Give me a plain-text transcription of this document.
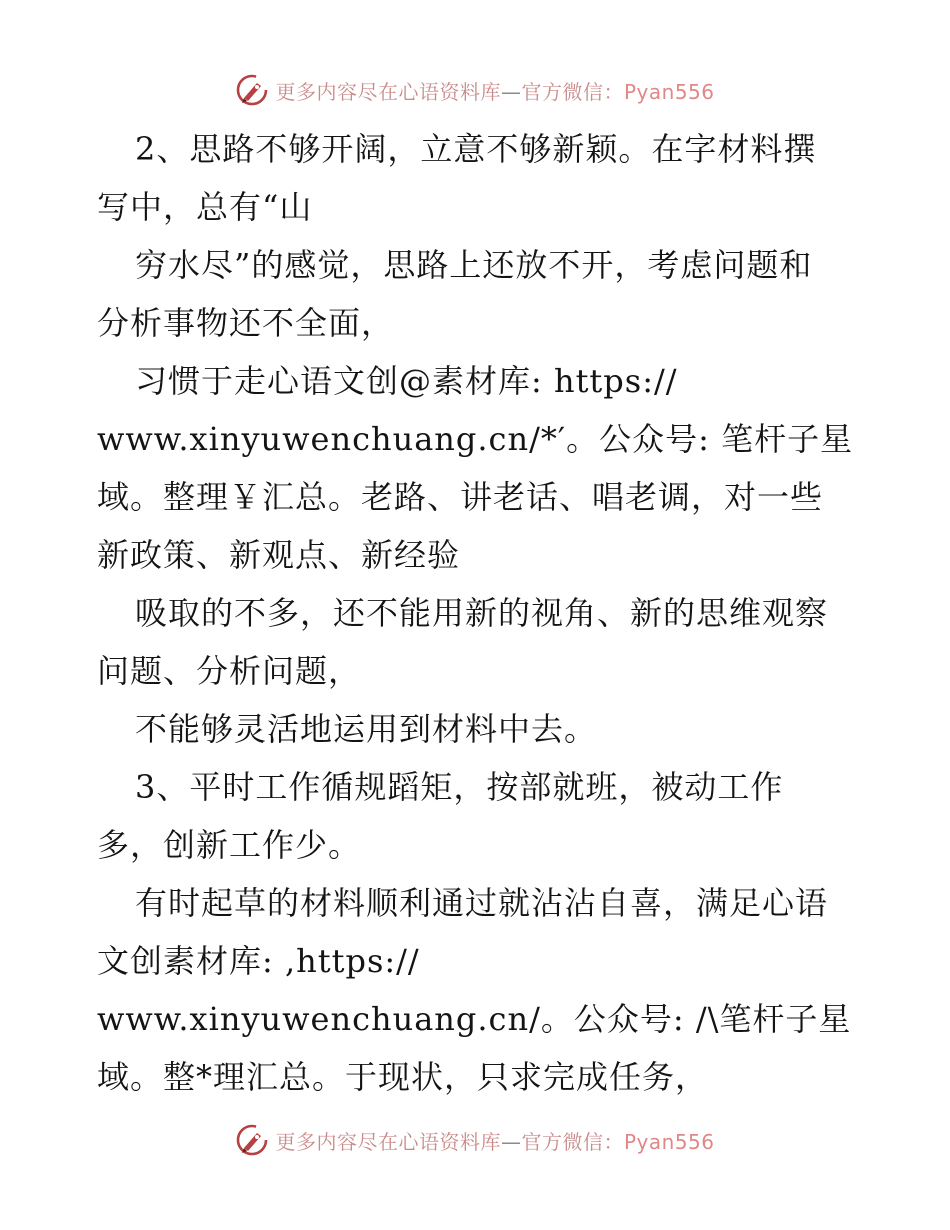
更多内容尽在心语资料库—官方微信：Pyan556
2、思路不够开阔，立意不够新颖。在字材料撰
写中，总有“山
穷水尽”的感觉，思路上还放不开，考虑问题和
分析事物还不全面，
习惯于走心语文创@素材库: https://
www.xinyuwenchuang.cn/*′。公众号: 笔杆子星
域。整理￥汇总。老路、讲老话、唱老调，对一些
新政策、新观点、新经验
吸取的不多，还不能用新的视角、新的思维观察
问题、分析问题，
不能够灵活地运用到材料中去。
3、平时工作循规蹈矩，按部就班，被动工作
多，创新工作少。
有时起草的材料顺利通过就沾沾自喜，满足心语
文创素材库: ,https://
www.xinyuwenchuang.cn/。公众号: /\笔杆子星
域。整*理汇总。于现状，只求完成任务，
更多内容尽在心语资料库—官方微信：Pyan556
